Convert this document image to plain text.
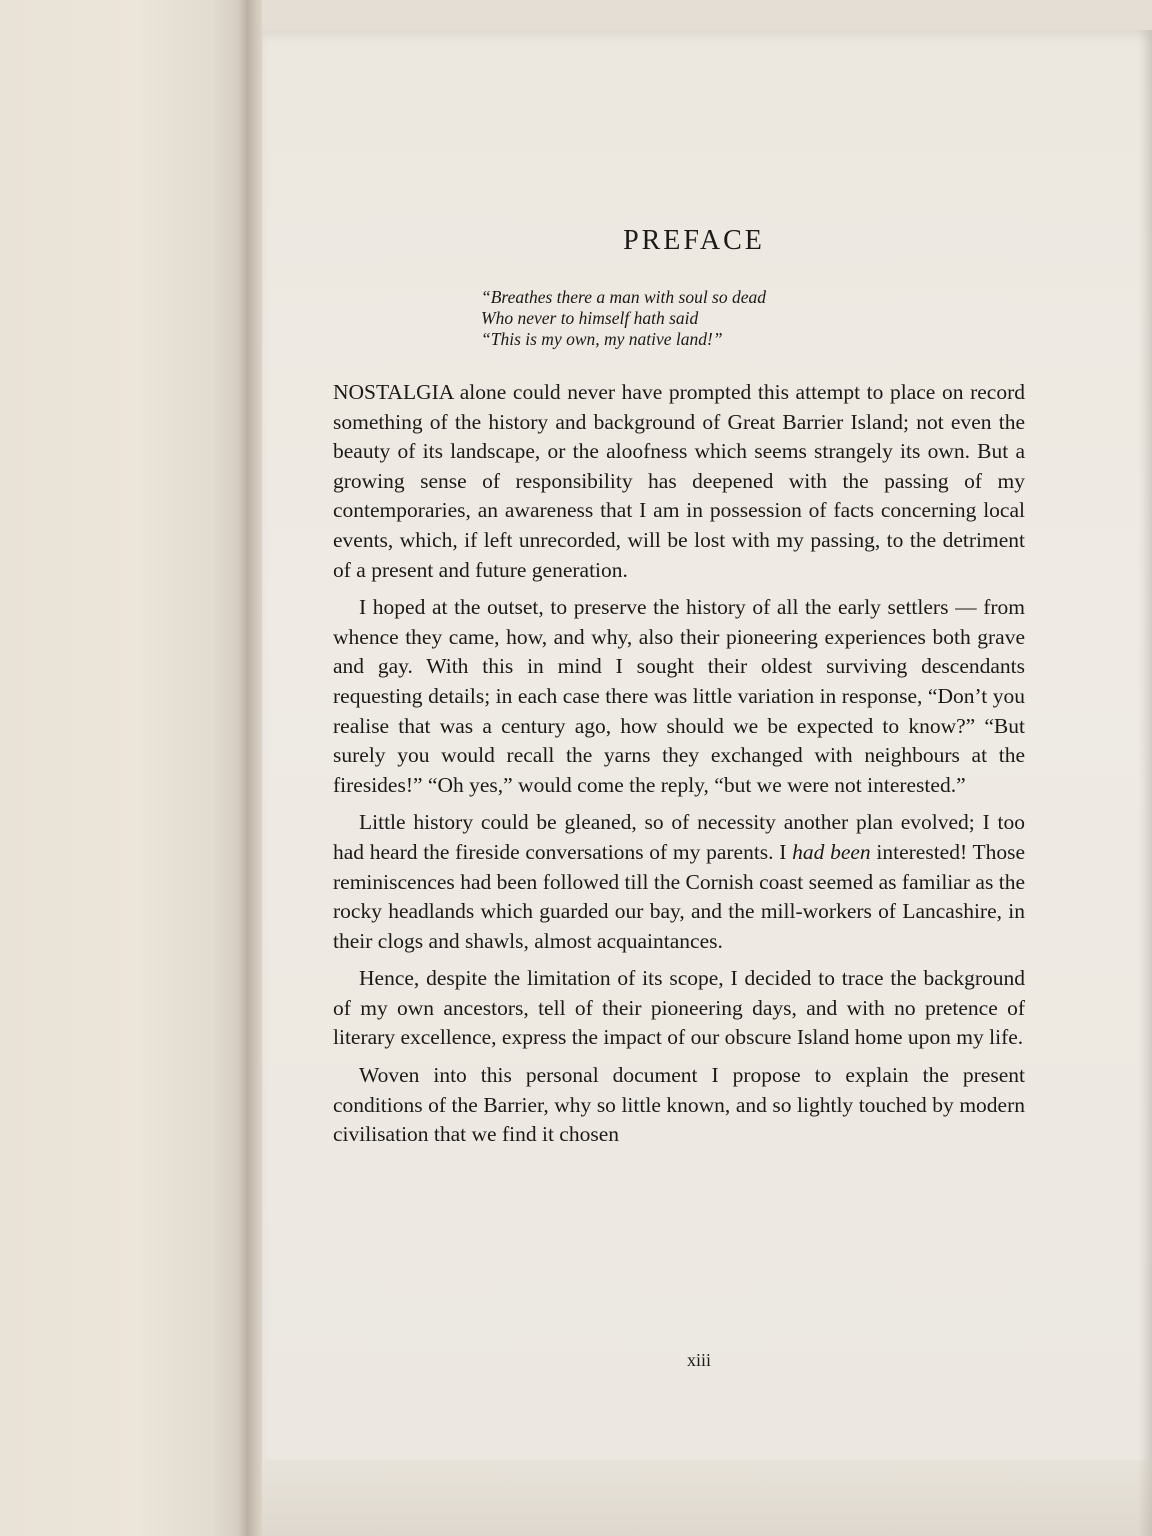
PREFACE
“Breathes there a man with soul so dead
Who never to himself hath said
“This is my own, my native land!”

NOSTALGIA alone could never have prompted this attempt to place on record something of the history and background of Great Barrier Island; not even the beauty of its landscape, or the aloofness which seems strangely its own. But a growing sense of responsibility has deepened with the passing of my contemporaries, an awareness that I am in possession of facts concerning local events, which, if left unrecorded, will be lost with my passing, to the detriment of a present and future generation.

I hoped at the outset, to preserve the history of all the early settlers — from whence they came, how, and why, also their pioneering experiences both grave and gay. With this in mind I sought their oldest surviving descendants requesting details; in each case there was little variation in response, “Don’t you realise that was a century ago, how should we be expected to know?” “But surely you would recall the yarns they exchanged with neighbours at the firesides!” “Oh yes,” would come the reply, “but we were not interested.”

Little history could be gleaned, so of necessity another plan evolved; I too had heard the fireside conversations of my parents. I had been interested! Those reminiscences had been followed till the Cornish coast seemed as familiar as the rocky headlands which guarded our bay, and the mill-workers of Lancashire, in their clogs and shawls, almost acquaintances.

Hence, despite the limitation of its scope, I decided to trace the background of my own ancestors, tell of their pioneering days, and with no pretence of literary excellence, express the impact of our obscure Island home upon my life.

Woven into this personal document I propose to explain the present conditions of the Barrier, why so little known, and so lightly touched by modern civilisation that we find it chosen

xiii
